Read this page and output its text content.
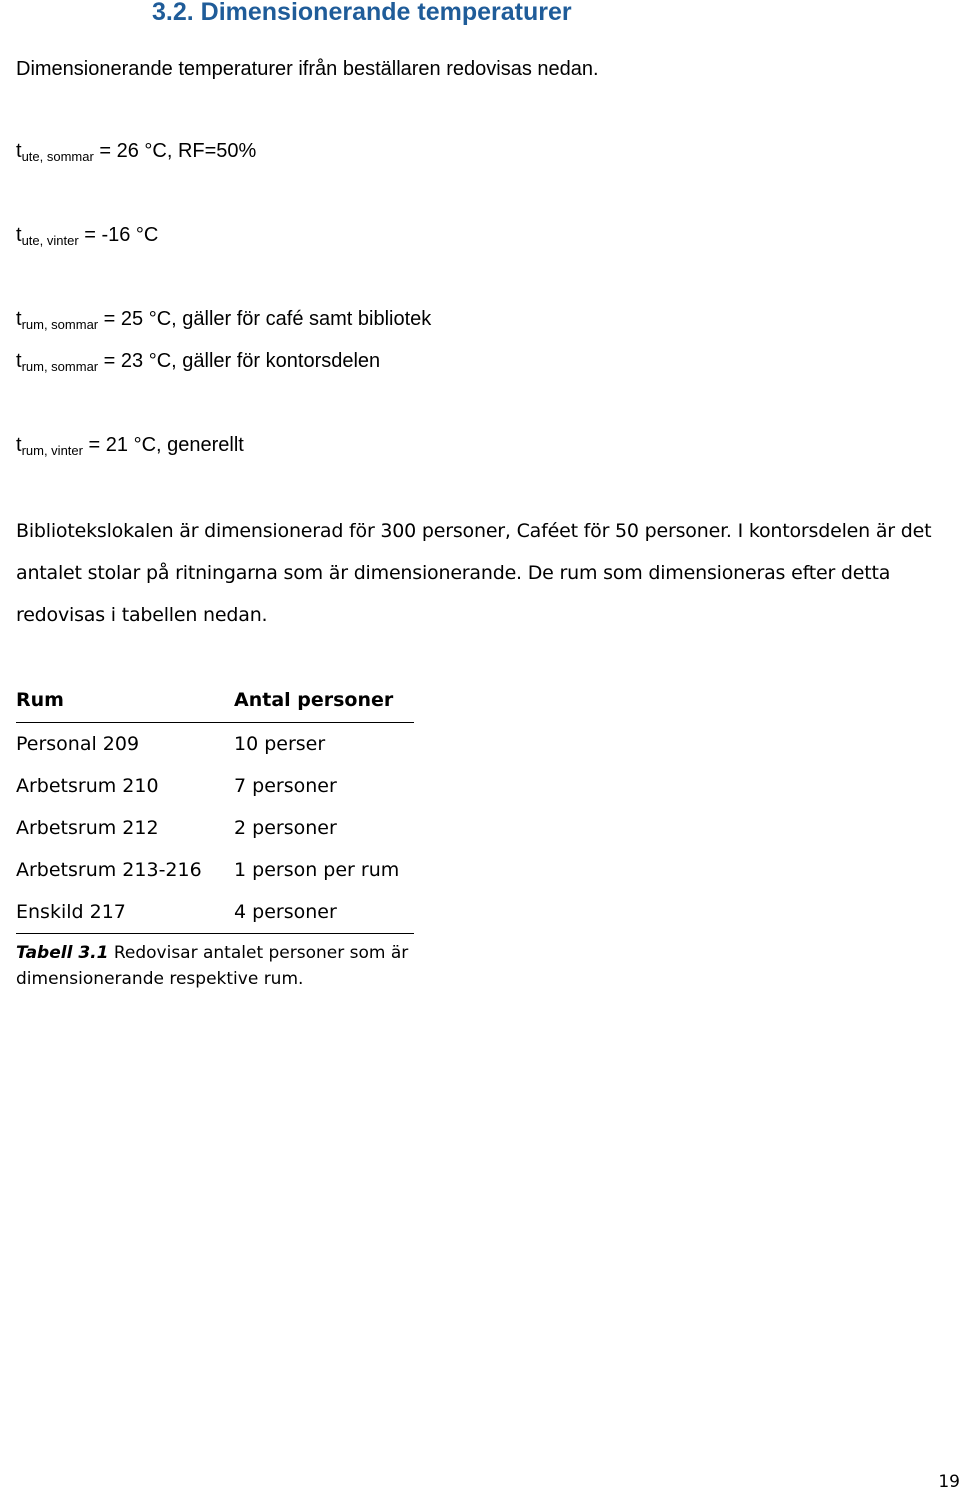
3.2. Dimensionerande temperaturer

Dimensionerande temperaturer ifrån beställaren redovisas nedan.

$t_{ute, sommar} = 26$ °C, RF=50%

$t_{ute, vinter} = -16$ °C

$t_{rum, sommar} = 25$ °C, gäller för café samt bibliotek

$t_{rum, sommar} = 23$ °C, gäller för kontorsdelen

$t_{rum, vinter} = 21$ °C, generellt

Bibliotekslokalen är dimensionerad för 300 personer, Caféet för 50 personer. I kontorsdelen är det antalet stolar på ritningarna som är dimensionerande. De rum som dimensioneras efter detta redovisas i tabellen nedan.

Rum	Antal personer
Personal 209	10 perser
Arbetsrum 210	7 personer
Arbetsrum 212	2 personer
Arbetsrum 213-216	1 person per rum
Enskild 217	4 personer

Tabell 3.1 Redovisar antalet personer som är dimensionerande respektive rum.

19
